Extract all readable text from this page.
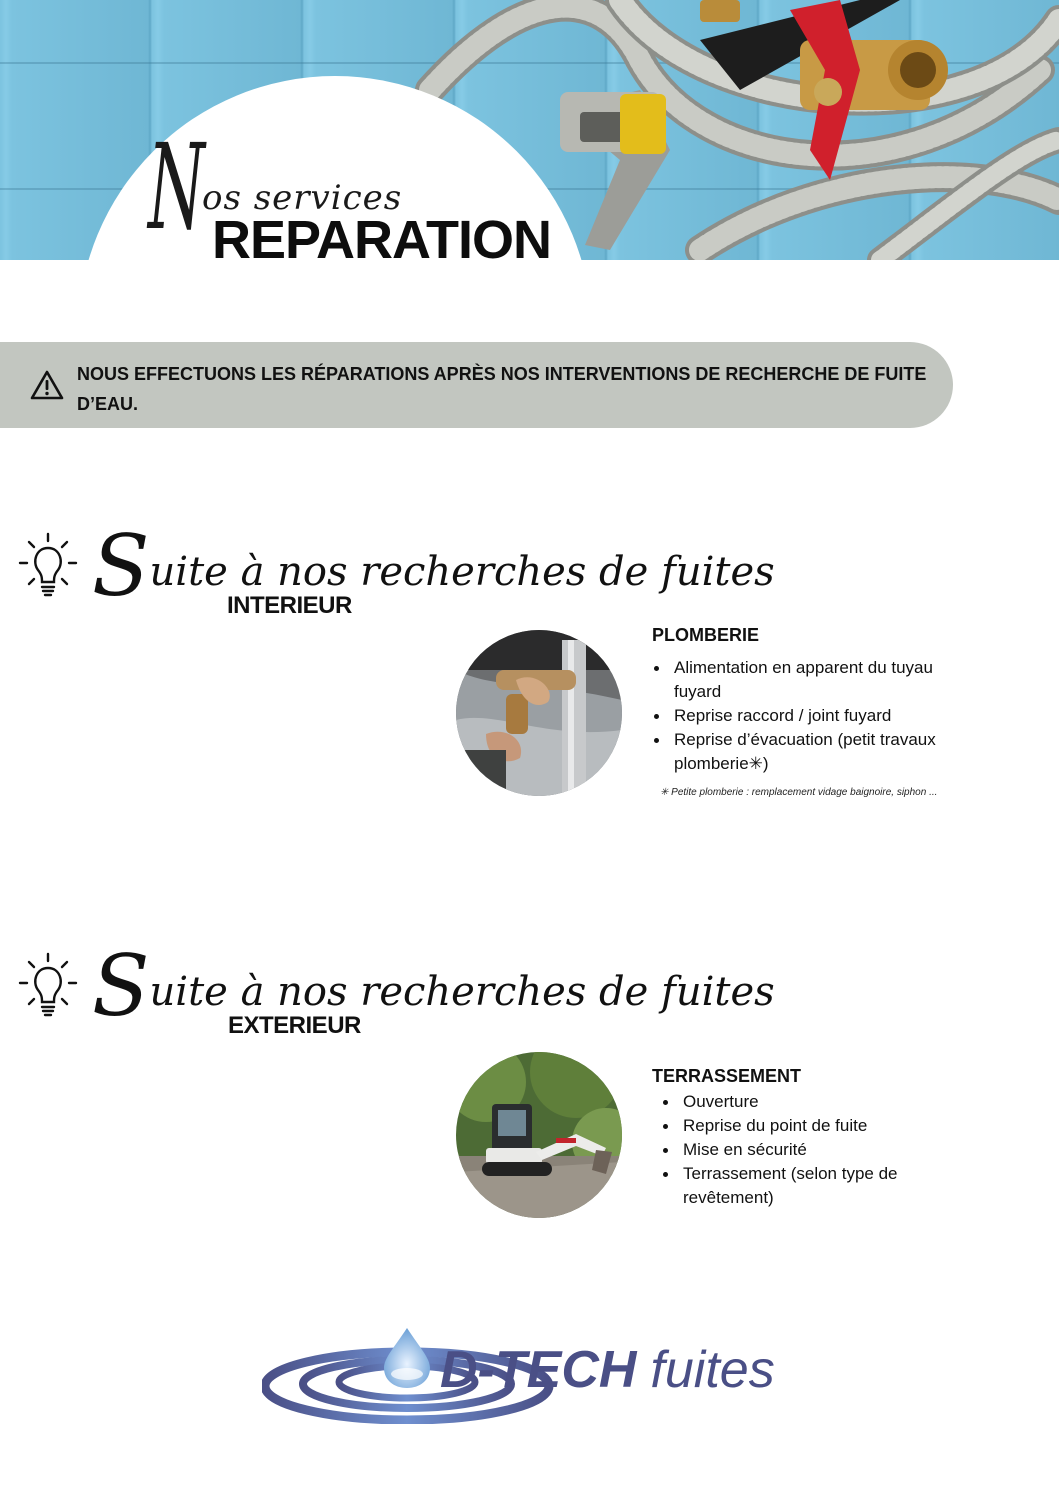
N
os services
REPARATION
NOUS EFFECTUONS LES RÉPARATIONS APRÈS NOS INTERVENTIONS DE RECHERCHE DE FUITE D’EAU.
Suite à nos recherches de fuites
INTERIEUR
PLOMBERIE
Alimentation en apparent du tuyau fuyard
Reprise raccord / joint fuyard
Reprise d’évacuation (petit travaux plomberie✳)
✳ Petite plomberie : remplacement vidage baignoire, siphon ...
Suite à nos recherches de fuites
EXTERIEUR
TERRASSEMENT
Ouverture
Reprise du point de fuite
Mise en sécurité
Terrassement (selon type de revêtement)
D-TECH fuites
